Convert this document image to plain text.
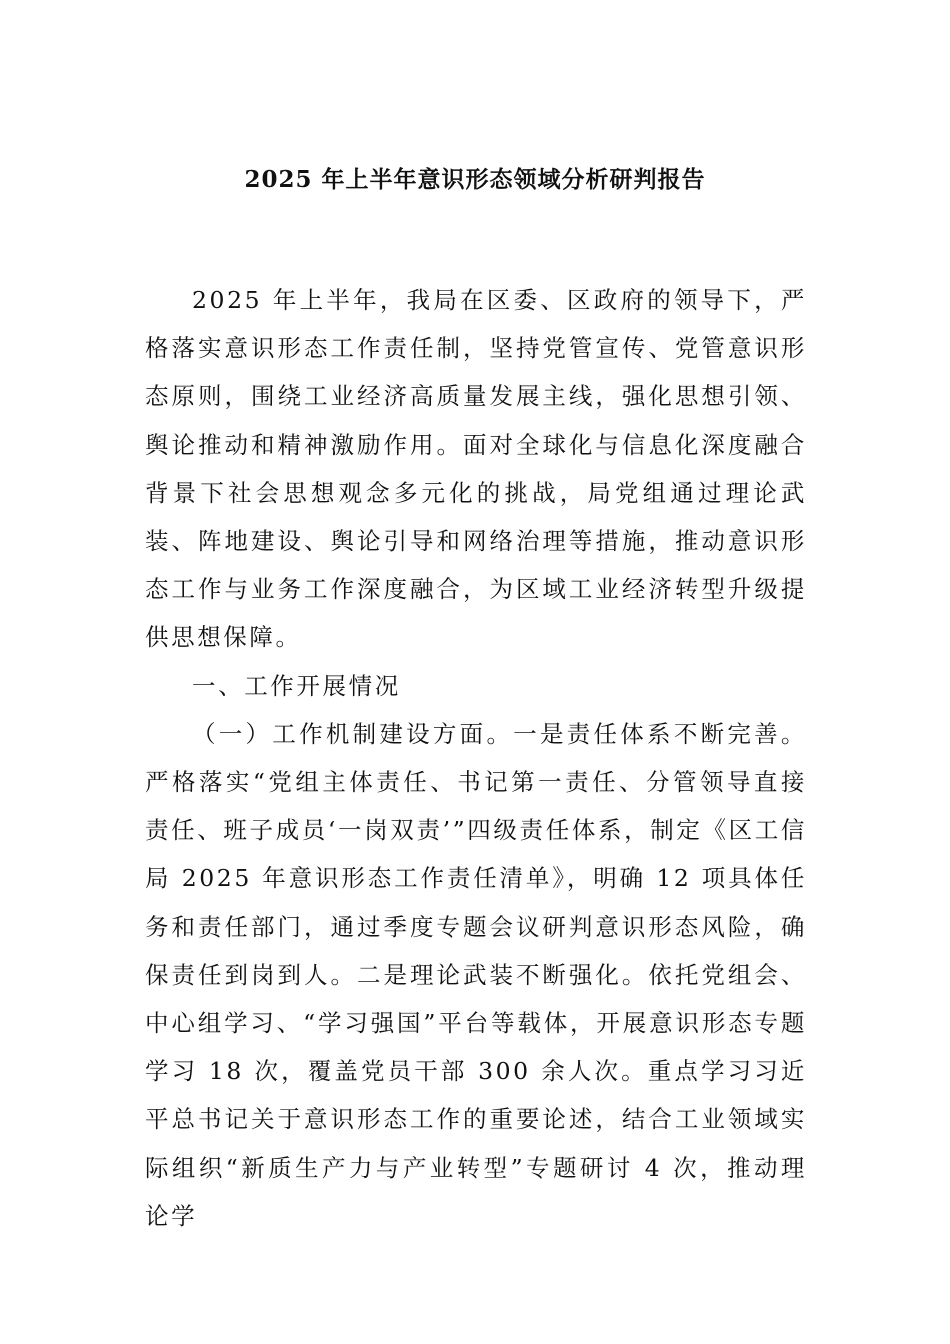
2025 年上半年意识形态领域分析研判报告

2025 年上半年，我局在区委、区政府的领导下，严格落实意识形态工作责任制，坚持党管宣传、党管意识形态原则，围绕工业经济高质量发展主线，强化思想引领、舆论推动和精神激励作用。面对全球化与信息化深度融合背景下社会思想观念多元化的挑战，局党组通过理论武装、阵地建设、舆论引导和网络治理等措施，推动意识形态工作与业务工作深度融合，为区域工业经济转型升级提供思想保障。

一、工作开展情况

（一）工作机制建设方面。一是责任体系不断完善。严格落实“党组主体责任、书记第一责任、分管领导直接责任、班子成员‘一岗双责’”四级责任体系，制定《区工信局 2025 年意识形态工作责任清单》，明确 12 项具体任务和责任部门，通过季度专题会议研判意识形态风险，确保责任到岗到人。二是理论武装不断强化。依托党组会、中心组学习、“学习强国”平台等载体，开展意识形态专题学习 18 次，覆盖党员干部 300 余人次。重点学习习近平总书记关于意识形态工作的重要论述，结合工业领域实际组织“新质生产力与产业转型”专题研讨 4 次，推动理论学
